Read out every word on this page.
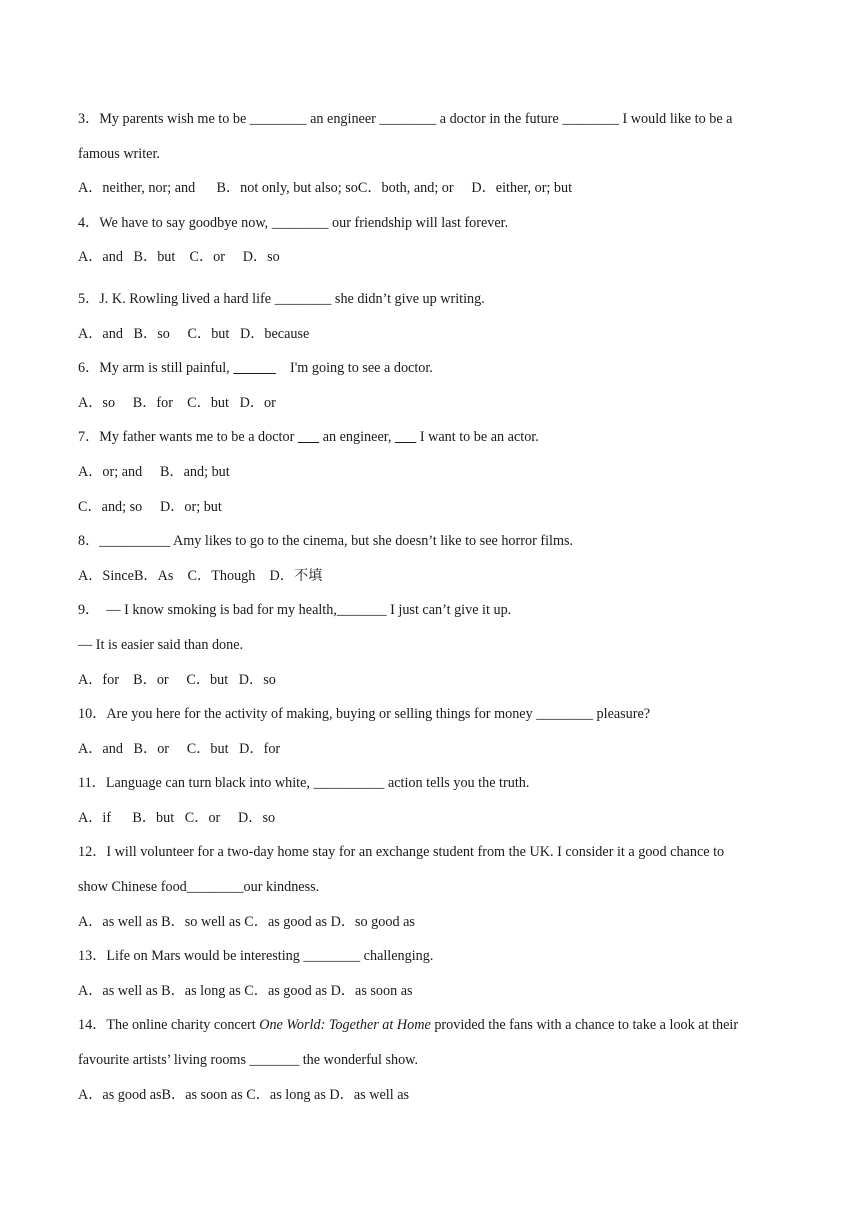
3．My parents wish me to be ________ an engineer ________ a doctor in the future ________ I would like to be a
famous writer.
A．neither, nor; and      B．not only, but also; soC．both, and; or     D．either, or; but
4．We have to say goodbye now, ________ our friendship will last forever.
A．and   B．but    C．or     D．so
5．J. K. Rowling lived a hard life ________ she didn’t give up writing.
A．and   B．so     C．but   D．because
6．My arm is still painful,	I'm going to see a doctor.
A．so     B．for    C．but   D．or
7．My father wants me to be a doctor        an engineer,        I want to be an actor.
A．or; and     B．and; but
C．and; so     D．or; but
8．__________ Amy likes to go to the cinema, but she doesn’t like to see horror films.
A．SinceB．As    C．Though    D．不填
9．  — I know smoking is bad for my health,_______ I just can’t give it up.
— It is easier said than done.
A．for    B．or     C．but   D．so
10．Are you here for the activity of making, buying or selling things for money ________ pleasure?
A．and   B．or     C．but   D．for
11．Language can turn black into white, __________ action tells you the truth.
A．if      B．but   C．or     D．so
12．I will volunteer for a two-day home stay for an exchange student from the UK. I consider it a good chance to
show Chinese food________our kindness.
A．as well as B．so well as C．as good as D．so good as
13．Life on Mars would be interesting ________ challenging.
A．as well as B．as long as C．as good as D．as soon as
14．The online charity concert One World: Together at Home provided the fans with a chance to take a look at their
favourite artists’ living rooms _______ the wonderful show.
A．as good asB．as soon as C．as long as D．as well as
